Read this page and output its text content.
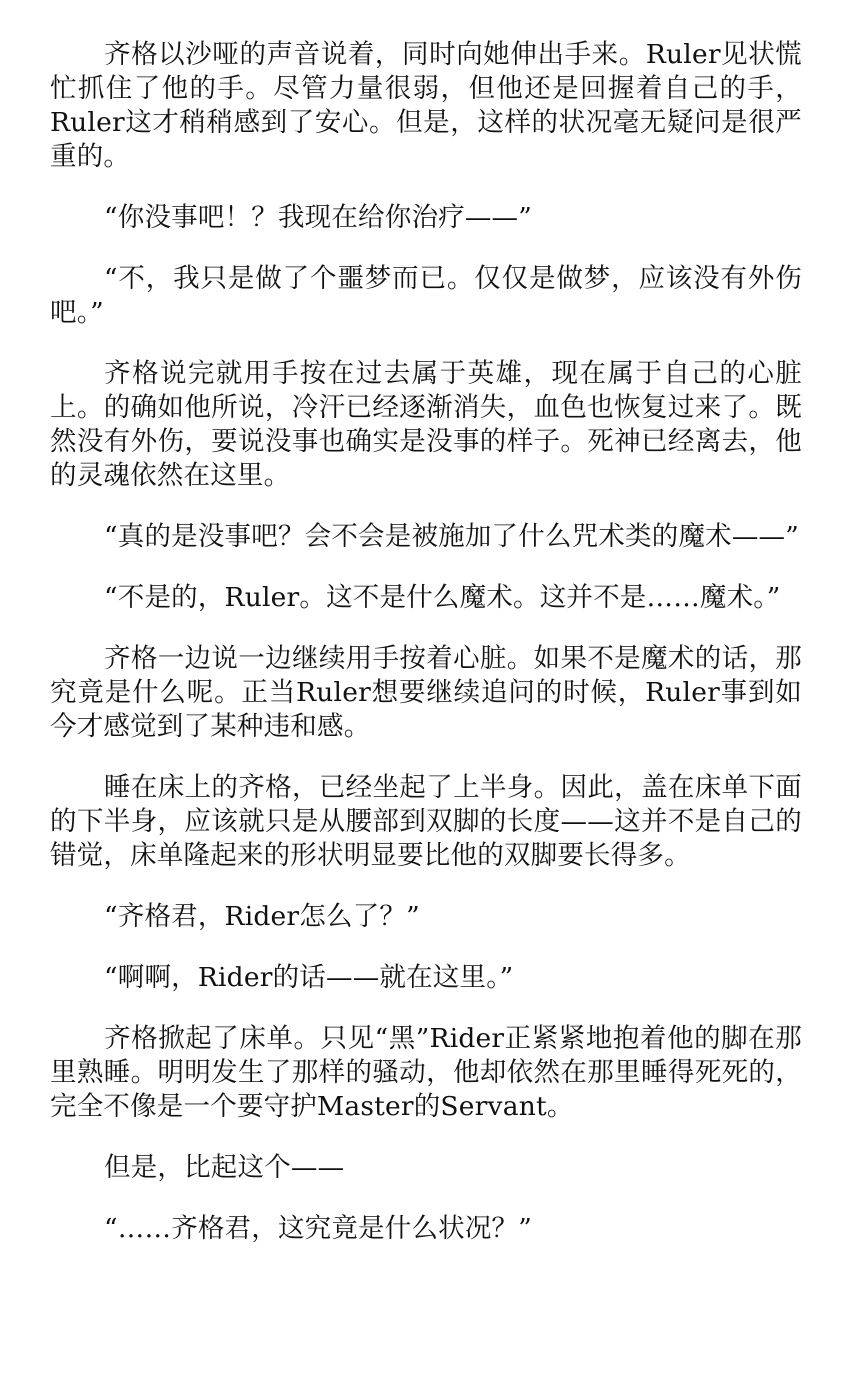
齐格以沙哑的声音说着，同时向她伸出手来。Ruler见状慌忙抓住了他的手。尽管力量很弱，但他还是回握着自己的手，Ruler这才稍稍感到了安心。但是，这样的状况毫无疑问是很严重的。

“你没事吧！？我现在给你治疗——”

“不，我只是做了个噩梦而已。仅仅是做梦，应该没有外伤吧。”

齐格说完就用手按在过去属于英雄，现在属于自己的心脏上。的确如他所说，冷汗已经逐渐消失，血色也恢复过来了。既然没有外伤，要说没事也确实是没事的样子。死神已经离去，他的灵魂依然在这里。

“真的是没事吧？会不会是被施加了什么咒术类的魔术——”

“不是的，Ruler。这不是什么魔术。这并不是……魔术。”

齐格一边说一边继续用手按着心脏。如果不是魔术的话，那究竟是什么呢。正当Ruler想要继续追问的时候，Ruler事到如今才感觉到了某种违和感。

睡在床上的齐格，已经坐起了上半身。因此，盖在床单下面的下半身，应该就只是从腰部到双脚的长度——这并不是自己的错觉，床单隆起来的形状明显要比他的双脚要长得多。

“齐格君，Rider怎么了？”

“啊啊，Rider的话——就在这里。”

齐格掀起了床单。只见“黑”Rider正紧紧地抱着他的脚在那里熟睡。明明发生了那样的骚动，他却依然在那里睡得死死的，完全不像是一个要守护Master的Servant。

但是，比起这个——

“……齐格君，这究竟是什么状况？”
